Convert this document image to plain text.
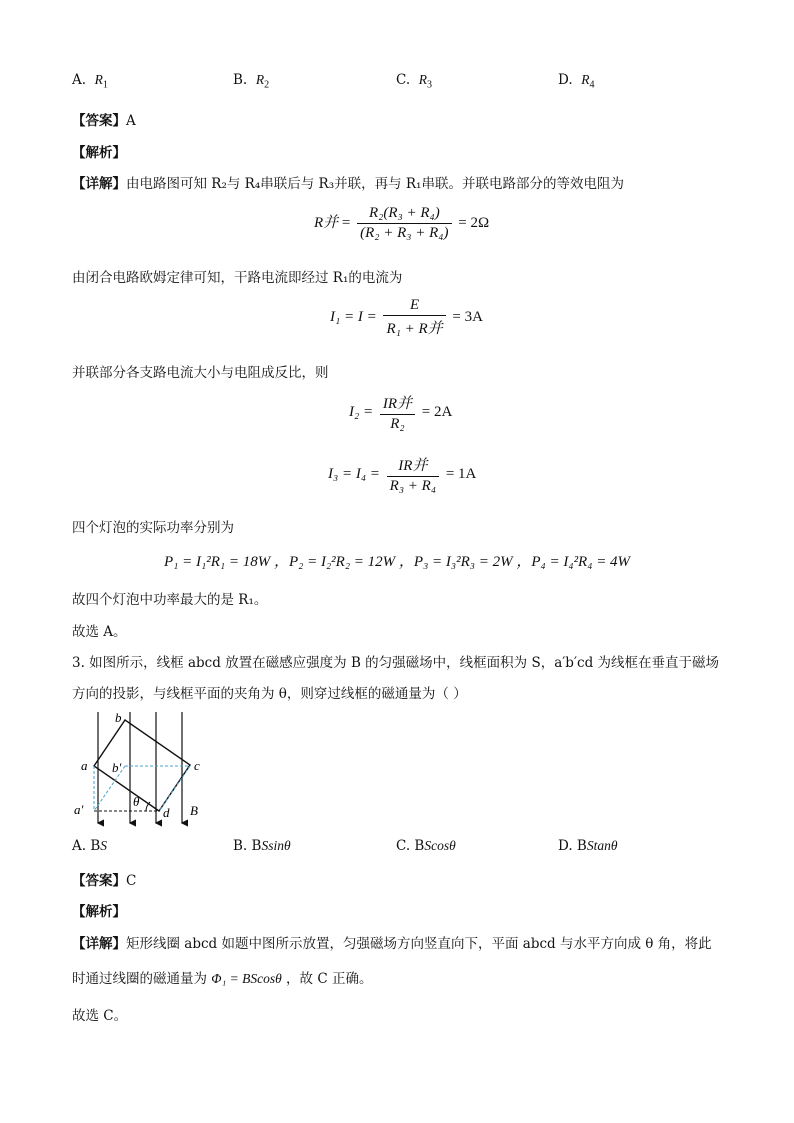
A. $R_1$	B. $R_2$	C. $R_3$	D. $R_4$
【答案】A
【解析】
【详解】由电路图可知 R₂与 R₄串联后与 R₃并联，再与 R₁串联。并联电路部分的等效电阻为
R并 = $\frac{\text{R₂(R₃ + R₄)}}{\text{(R₂ + R₃ + R₄)}} = 2\Omega$
由闭合电路欧姆定律可知，干路电流即经过 R₁的电流为
$I_1 = I = \frac{E}{\text{R₁ + R并}} = 3A$
并联部分各支路电流大小与电阻成反比，则
$I_2 = \frac{\text{IR并}}{\text{R₂}} = 2A$
$I_3 = I_4 = \frac{\text{IR并}}{\text{R₃ + R₄}} = 1A$
四个灯泡的实际功率分别为
P₁ = I₁²R₁ = 18W ，P₂ = I₂²R₂ = 12W ，P₃ = I₃²R₃ = 2W ，P₄ = I₄²R₄ = 4W
故四个灯泡中功率最大的是 R₁。
故选 A。
3. 如图所示，线框 abcd 放置在磁感应强度为 B 的匀强磁场中，线框面积为 S，a′b′cd 为线框在垂直于磁场
方向的投影，与线框平面的夹角为 θ，则穿过线框的磁通量为（ ）
b
a	c
d
a′
b′
θ
B
A. BS	B. BSsinθ	C. BScosθ	D. BStanθ
【答案】C
【解析】
【详解】矩形线圈 abcd 如题中图所示放置，匀强磁场方向竖直向下，平面 abcd 与水平方向成 θ 角，将此
时通过线圈的磁通量为 Φ₁ = BScosθ ，故 C 正确。
故选 C。
